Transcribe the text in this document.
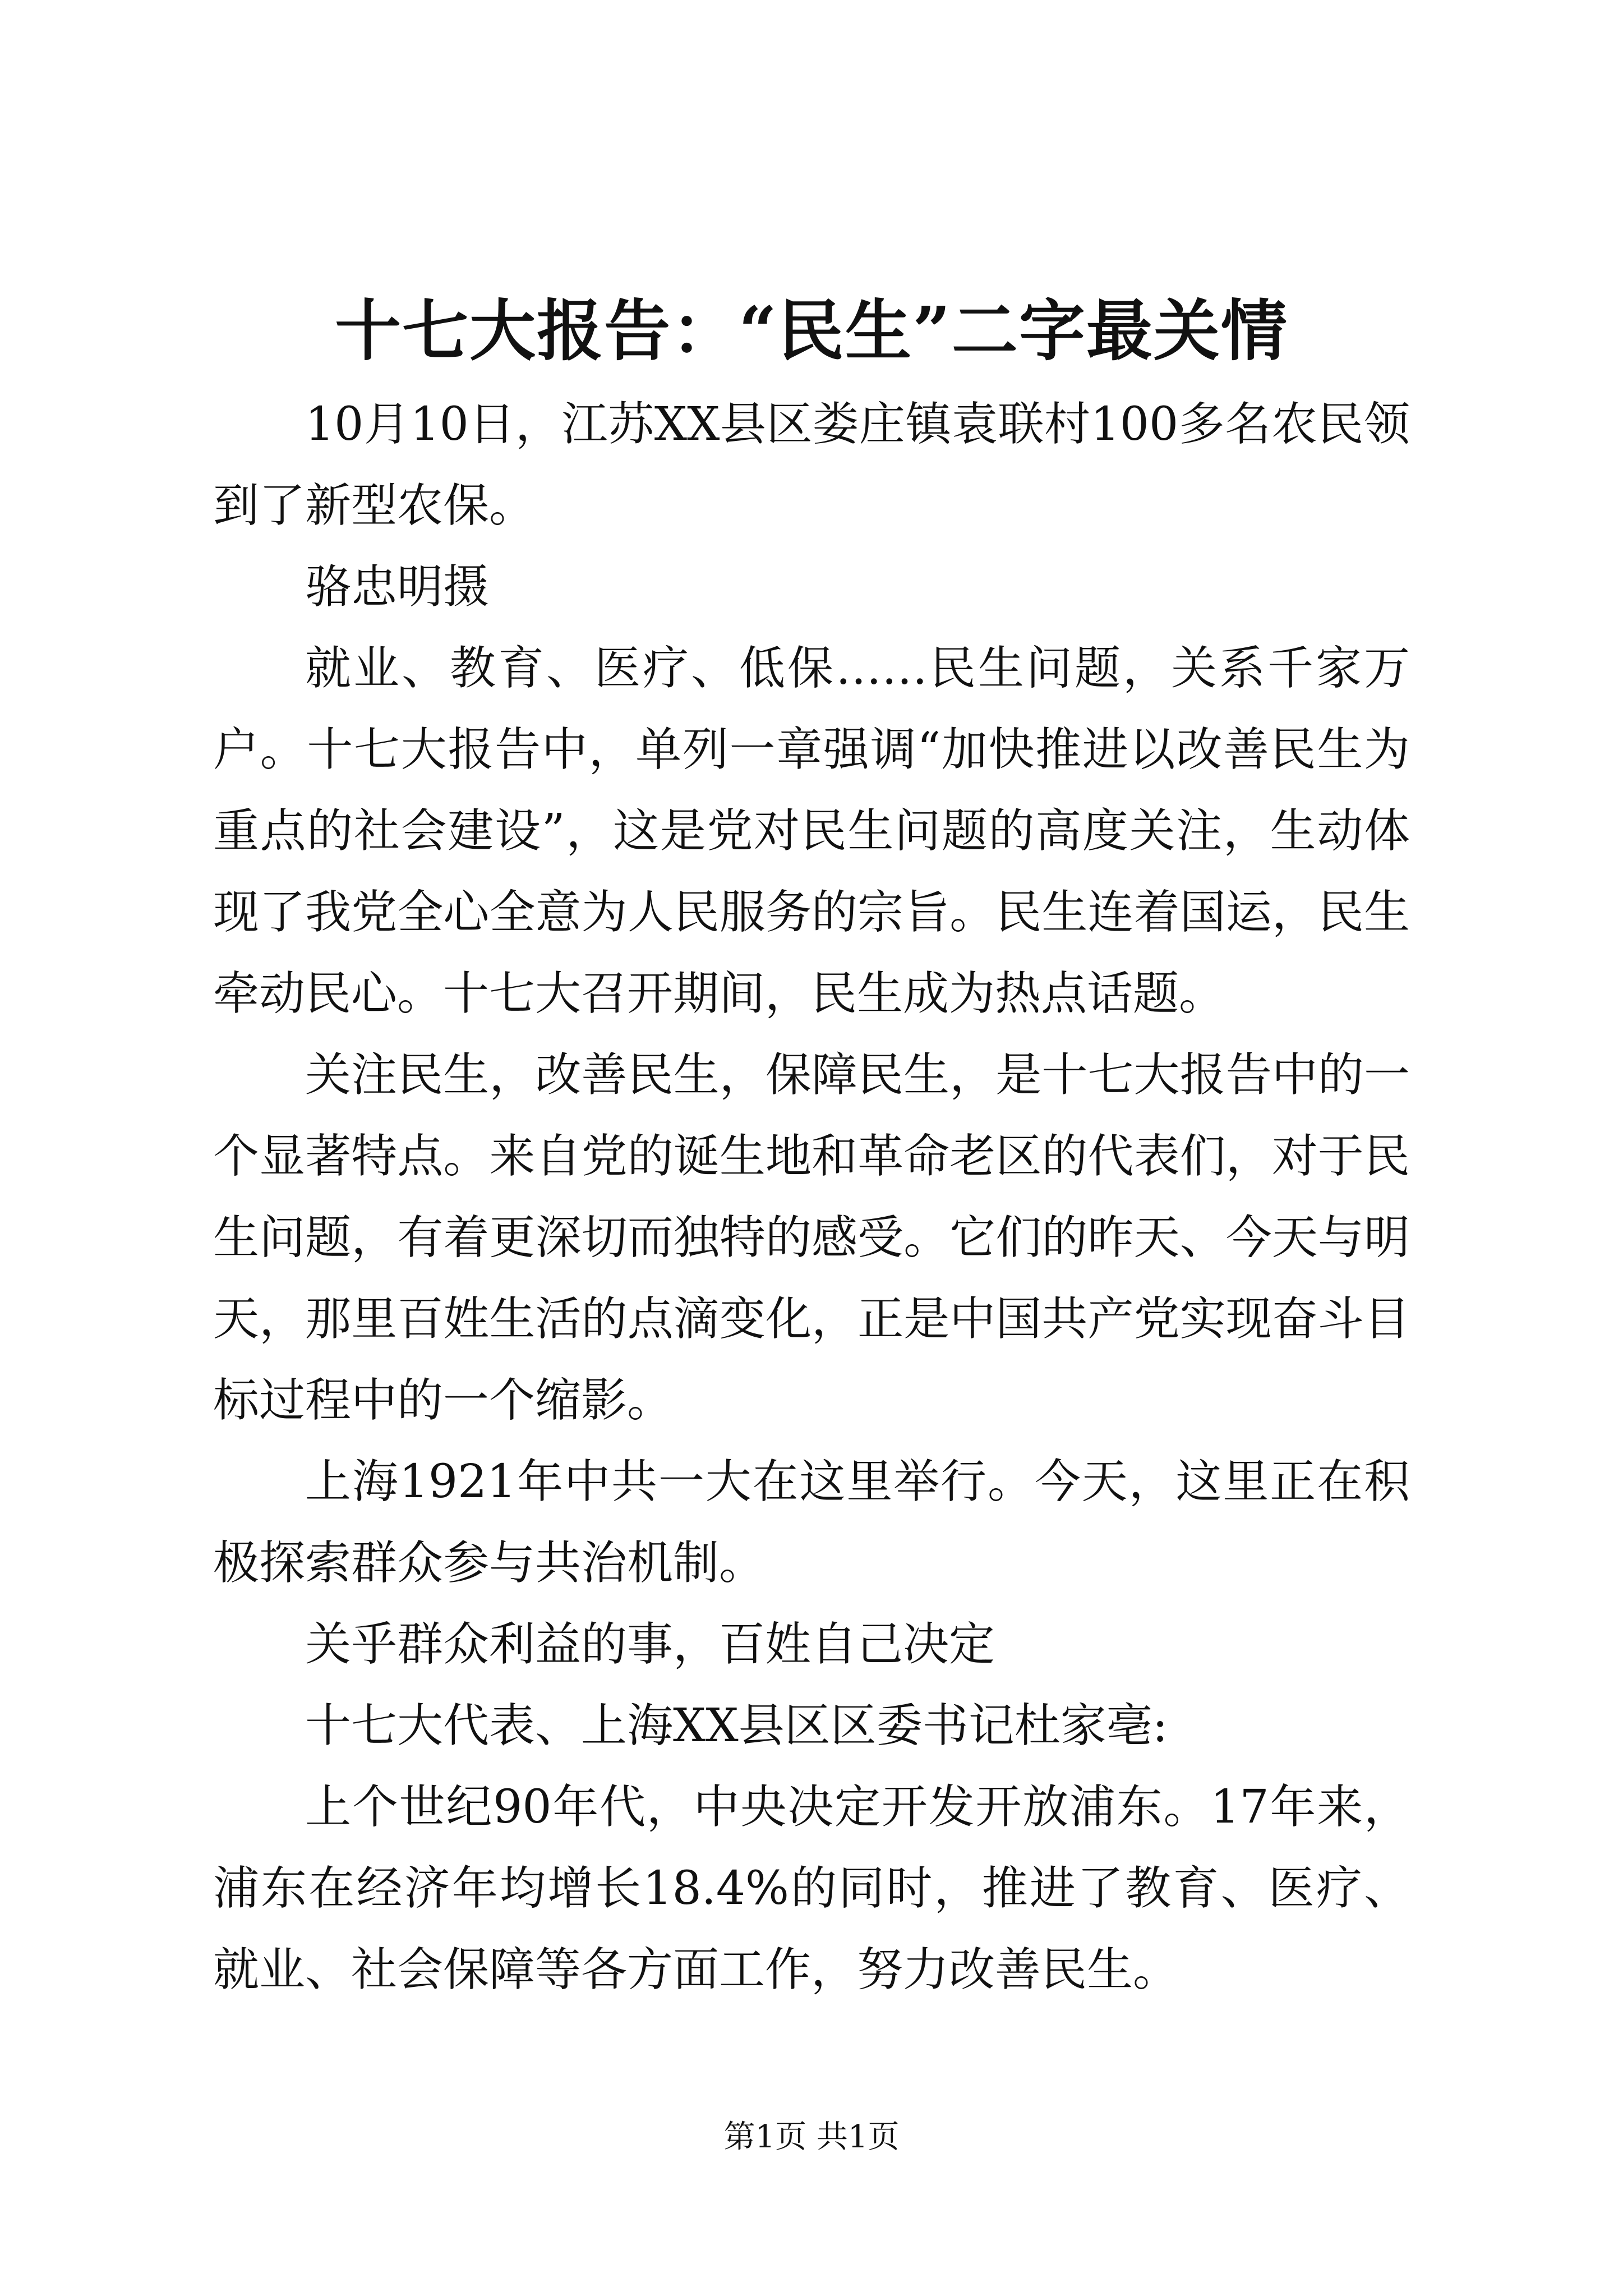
十七大报告：“民生”二字最关情

10月10日，江苏XX县区娄庄镇袁联村100多名农民领到了新型农保。

骆忠明摄

就业、教育、医疗、低保……民生问题，关系千家万户。十七大报告中，单列一章强调“加快推进以改善民生为重点的社会建设”，这是党对民生问题的高度关注，生动体现了我党全心全意为人民服务的宗旨。民生连着国运，民生牵动民心。十七大召开期间，民生成为热点话题。

关注民生，改善民生，保障民生，是十七大报告中的一个显著特点。来自党的诞生地和革命老区的代表们，对于民生问题，有着更深切而独特的感受。它们的昨天、今天与明天，那里百姓生活的点滴变化，正是中国共产党实现奋斗目标过程中的一个缩影。

上海1921年中共一大在这里举行。今天，这里正在积极探索群众参与共治机制。

关乎群众利益的事，百姓自己决定

十七大代表、上海XX县区区委书记杜家亳:

上个世纪90年代，中央决定开发开放浦东。17年来，浦东在经济年均增长18.4%的同时，推进了教育、医疗、就业、社会保障等各方面工作，努力改善民生。

第1页 共1页
